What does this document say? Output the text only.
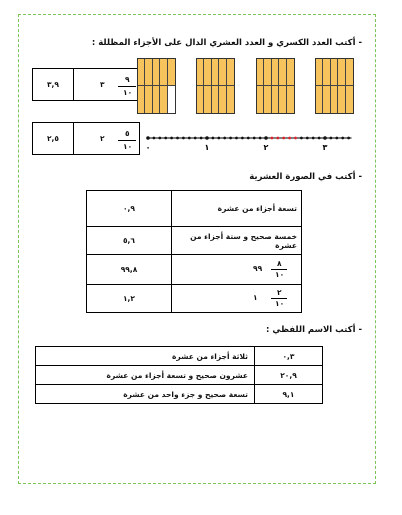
- أكتب العدد الكسري و العدد العشري الدال على الأجزاء المظللة :
٣,٩	٣
٩
١٠
٢,٥	٢
٥
١٠ ٠	١	٢	٣
- أكتب في الصورة العشرية
٠,٩	تسعة أجزاء من عشرة
٥,٦	خمسة صحيح و ستة أجزاء من عشرة
٩٩,٨	٩٩
٨
١٠

١,٢	١
٢
١٠
- أكتب الاسم اللفظي :
ثلاثة أجزاء من عشرة	٠,٣
عشرون صحيح و تسعة أجزاء من عشرة	٢٠,٩
تسعة صحيح و جزء واحد من عشرة	٩,١
